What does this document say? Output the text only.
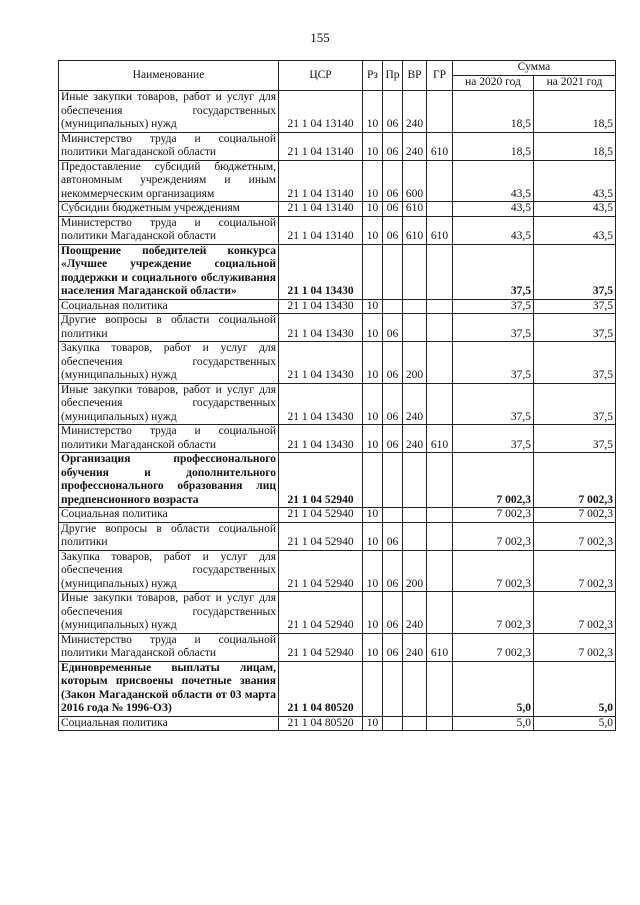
155
Наименование	ЦСР	Рз	Пр	ВР	ГР	Сумма	
						на 2020 год	на 2021 год
Иные закупки товаров, работ и услуг для обеспечения государственных (муниципальных) нужд	21 1 04 13140	10	06	240		18,5	18,5
Министерство труда и социальной политики Магаданской области	21 1 04 13140	10	06	240	610	18,5	18,5
Предоставление субсидий бюджетным, автономным учреждениям и иным некоммерческим организациям	21 1 04 13140	10	06	600		43,5	43,5
Субсидии бюджетным учреждениям	21 1 04 13140	10	06	610		43,5	43,5
Министерство труда и социальной политики Магаданской области	21 1 04 13140	10	06	610	610	43,5	43,5
Поощрение победителей конкурса «Лучшее учреждение социальной поддержки и социального обслуживания населения Магаданской области»	21 1 04 13430					37,5	37,5
Социальная политика	21 1 04 13430	10				37,5	37,5
Другие вопросы в области социальной политики	21 1 04 13430	10	06			37,5	37,5
Закупка товаров, работ и услуг для обеспечения государственных (муниципальных) нужд	21 1 04 13430	10	06	200		37,5	37,5
Иные закупки товаров, работ и услуг для обеспечения государственных (муниципальных) нужд	21 1 04 13430	10	06	240		37,5	37,5
Министерство труда и социальной политики Магаданской области	21 1 04 13430	10	06	240	610	37,5	37,5
Организация профессионального обучения и дополнительного профессионального образования лиц предпенсионного возраста	21 1 04 52940					7 002,3	7 002,3
Социальная политика	21 1 04 52940	10				7 002,3	7 002,3
Другие вопросы в области социальной политики	21 1 04 52940	10	06			7 002,3	7 002,3
Закупка товаров, работ и услуг для обеспечения государственных (муниципальных) нужд	21 1 04 52940	10	06	200		7 002,3	7 002,3
Иные закупки товаров, работ и услуг для обеспечения государственных (муниципальных) нужд	21 1 04 52940	10	06	240		7 002,3	7 002,3
Министерство труда и социальной политики Магаданской области	21 1 04 52940	10	06	240	610	7 002,3	7 002,3
Единовременные выплаты лицам, которым присвоены почетные звания (Закон Магаданской области от 03 марта 2016 года № 1996-ОЗ)	21 1 04 80520					5,0	5,0
Социальная политика	21 1 04 80520	10				5,0	5,0
